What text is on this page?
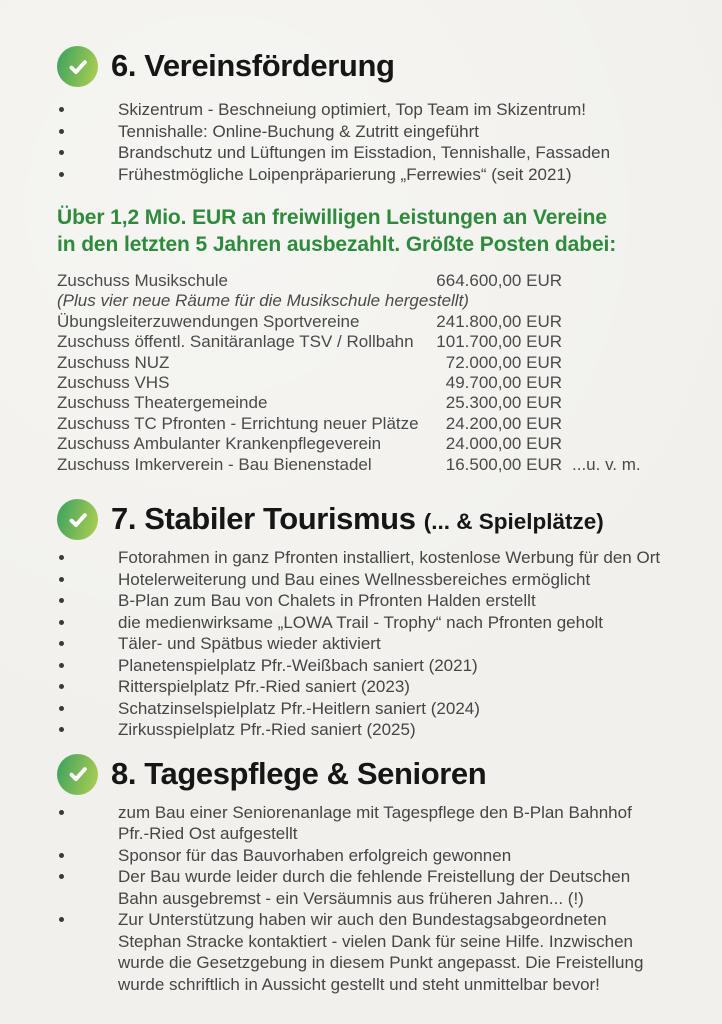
6. Vereinsförderung
Skizentrum - Beschneiung optimiert, Top Team im Skizentrum!
Tennishalle: Online-Buchung & Zutritt eingeführt
Brandschutz und Lüftungen im Eisstadion, Tennishalle, Fassaden
Frühestmögliche Loipenpräparierung „Ferrewies“ (seit 2021)
Über 1,2 Mio. EUR an freiwilligen Leistungen an Vereine
in den letzten 5 Jahren ausbezahlt. Größte Posten dabei:
Zuschuss Musikschule	664.600,00 EUR
(Plus vier neue Räume für die Musikschule hergestellt)
Übungsleiterzuwendungen Sportvereine	241.800,00 EUR
Zuschuss öffentl. Sanitäranlage TSV / Rollbahn	101.700,00 EUR
Zuschuss NUZ	72.000,00 EUR
Zuschuss VHS	49.700,00 EUR
Zuschuss Theatergemeinde	25.300,00 EUR
Zuschuss TC Pfronten - Errichtung neuer Plätze	24.200,00 EUR
Zuschuss Ambulanter Krankenpflegeverein	24.000,00 EUR
Zuschuss Imkerverein - Bau Bienenstadel	16.500,00 EUR ...u. v. m.
7. Stabiler Tourismus (... & Spielplätze)
Fotorahmen in ganz Pfronten installiert, kostenlose Werbung für den Ort
Hotelerweiterung und Bau eines Wellnessbereiches ermöglicht
B-Plan zum Bau von Chalets in Pfronten Halden erstellt
die medienwirksame „LOWA Trail - Trophy“ nach Pfronten geholt
Täler- und Spätbus wieder aktiviert
Planetenspielplatz Pfr.-Weißbach saniert (2021)
Ritterspielplatz Pfr.-Ried saniert (2023)
Schatzinselspielplatz Pfr.-Heitlern saniert (2024)
Zirkusspielplatz Pfr.-Ried saniert (2025)
8. Tagespflege & Senioren
zum Bau einer Seniorenanlage mit Tagespflege den B-Plan Bahnhof Pfr.-Ried Ost aufgestellt
Sponsor für das Bauvorhaben erfolgreich gewonnen
Der Bau wurde leider durch die fehlende Freistellung der Deutschen Bahn ausgebremst - ein Versäumnis aus früheren Jahren... (!)
Zur Unterstützung haben wir auch den Bundestagsabgeordneten Stephan Stracke kontaktiert - vielen Dank für seine Hilfe. Inzwischen wurde die Gesetzgebung in diesem Punkt angepasst. Die Freistellung wurde schriftlich in Aussicht gestellt und steht unmittelbar bevor!
